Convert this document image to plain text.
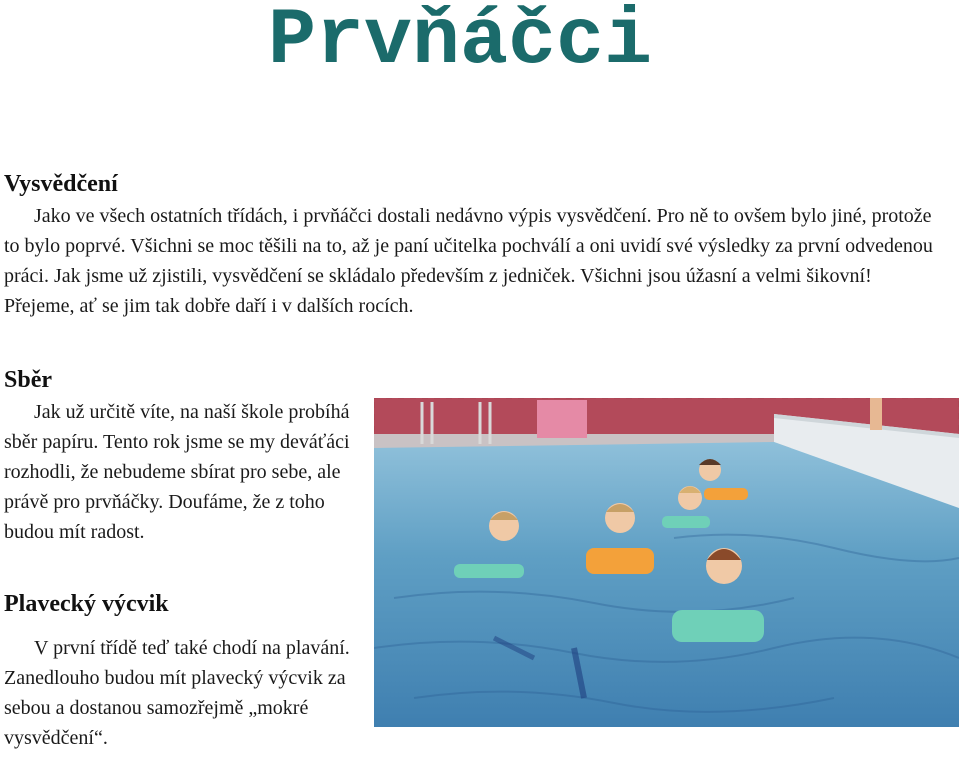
Prvňáčci
Vysvědčení

Jako ve všech ostatních třídách, i prvňáčci dostali nedávno výpis vysvědčení. Pro ně to ovšem bylo jiné, protože to bylo poprvé. Všichni se moc těšili na to, až je paní učitelka pochválí a oni uvidí své výsledky za první odvedenou práci. Jak jsme už zjistili, vysvědčení se skládalo především z jedniček. Všichni jsou úžasní a velmi šikovní! Přejeme, ať se jim tak dobře daří i v dalších rocích.

Sběr

Jak už určitě víte, na naší škole probíhá sběr papíru. Tento rok jsme se my deváťáci rozhodli, že nebudeme sbírat pro sebe, ale právě pro prvňáčky. Doufáme, že z toho budou mít radost.

Plavecký výcvik

V první třídě teď také chodí na plavání. Zanedlouho budou mít plavecký výcvik za sebou a dostanou samozřejmě „mokré vysvědčení“.
